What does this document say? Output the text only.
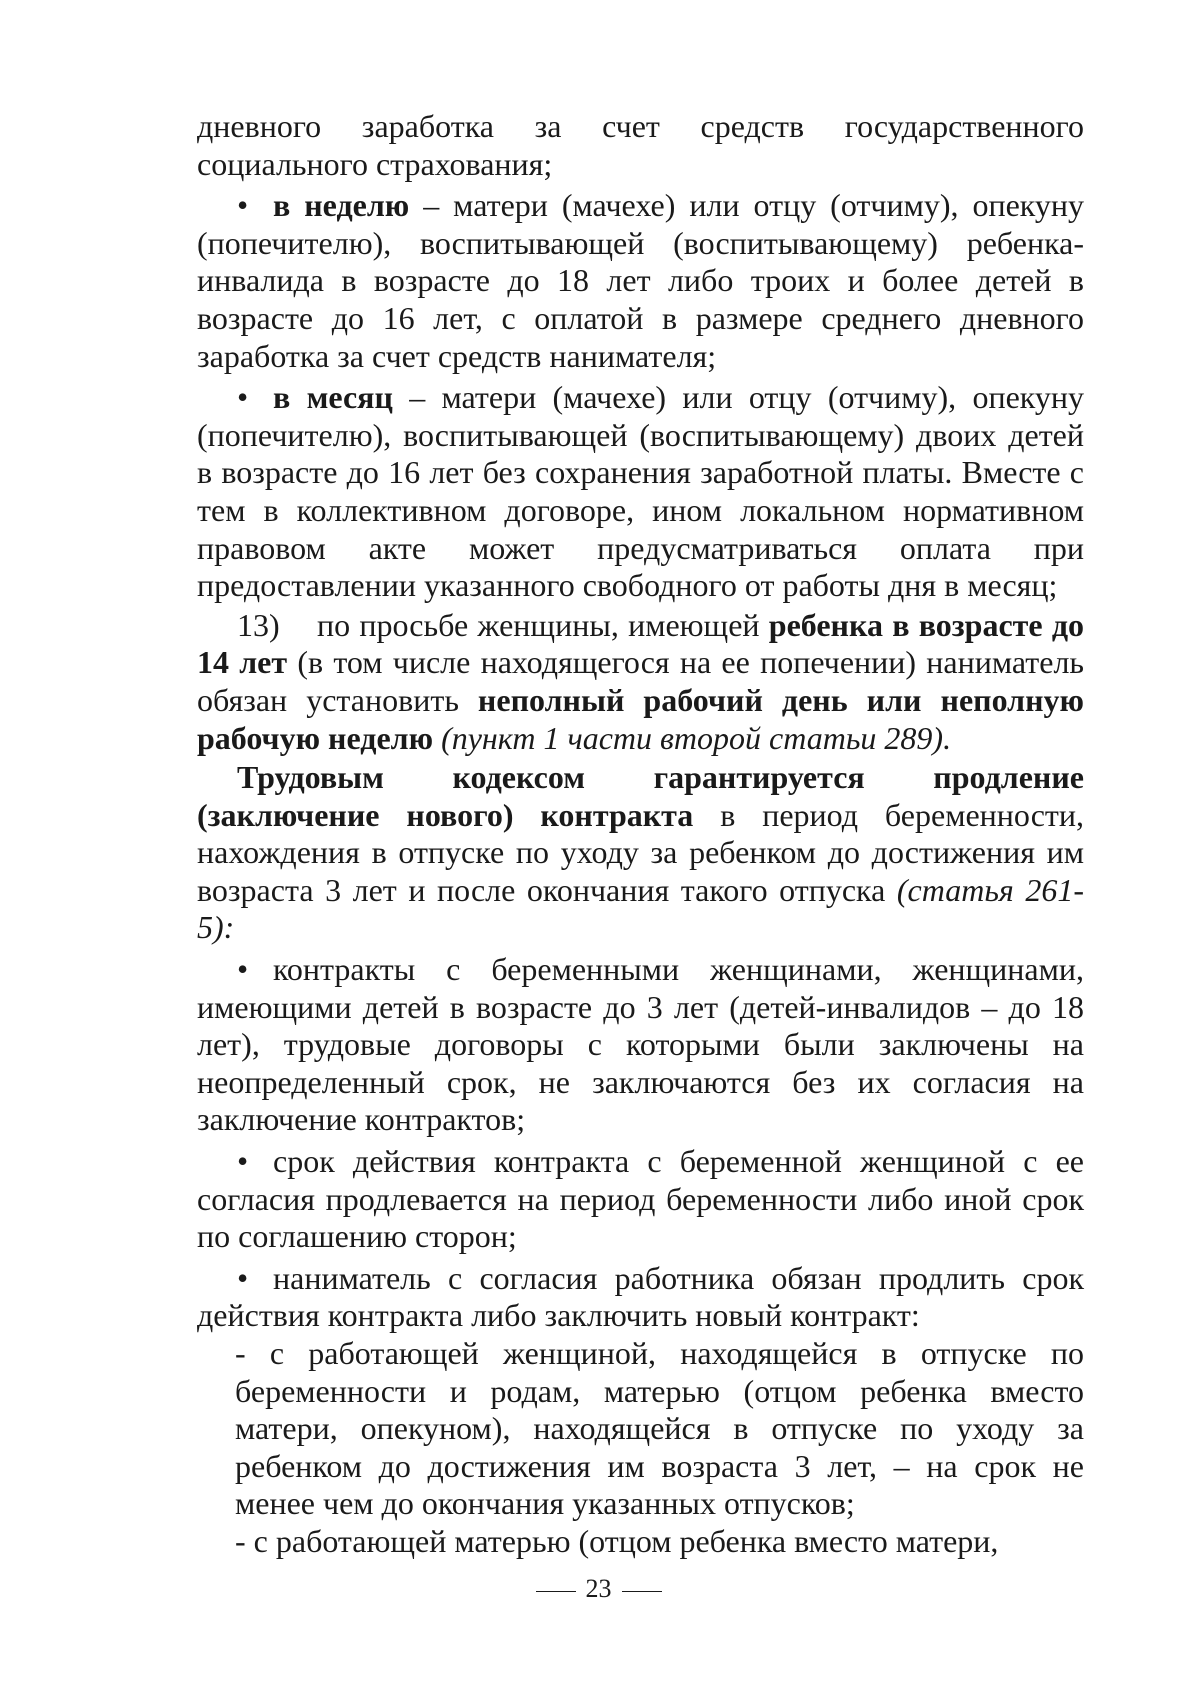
дневного заработка за счет средств государственного социального страхования;

• в неделю – матери (мачехе) или отцу (отчиму), опекуну (попечителю), воспитывающей (воспитывающему) ребенка-инвалида в возрасте до 18 лет либо троих и более детей в возрасте до 16 лет, с оплатой в размере среднего дневного заработка за счет средств нанимателя;

• в месяц – матери (мачехе) или отцу (отчиму), опекуну (попечителю), воспитывающей (воспитывающему) двоих детей в возрасте до 16 лет без сохранения заработной платы. Вместе с тем в коллективном договоре, ином локальном нормативном правовом акте может предусматриваться оплата при предоставлении указанного свободного от работы дня в месяц;

13) по просьбе женщины, имеющей ребенка в возрасте до 14 лет (в том числе находящегося на ее попечении) наниматель обязан установить неполный рабочий день или неполную рабочую неделю (пункт 1 части второй статьи 289).

Трудовым кодексом гарантируется продление (заключение нового) контракта в период беременности, нахождения в отпуске по уходу за ребенком до достижения им возраста 3 лет и после окончания такого отпуска (статья 261-5):

• контракты с беременными женщинами, женщинами, имеющими детей в возрасте до 3 лет (детей-инвалидов – до 18 лет), трудовые договоры с которыми были заключены на неопределенный срок, не заключаются без их согласия на заключение контрактов;

• срок действия контракта с беременной женщиной с ее согласия продлевается на период беременности либо иной срок по соглашению сторон;

• наниматель с согласия работника обязан продлить срок действия контракта либо заключить новый контракт:

- с работающей женщиной, находящейся в отпуске по беременности и родам, матерью (отцом ребенка вместо матери, опекуном), находящейся в отпуске по уходу за ребенком до достижения им возраста 3 лет, – на срок не менее чем до окончания указанных отпусков;

- с работающей матерью (отцом ребенка вместо матери,

23
